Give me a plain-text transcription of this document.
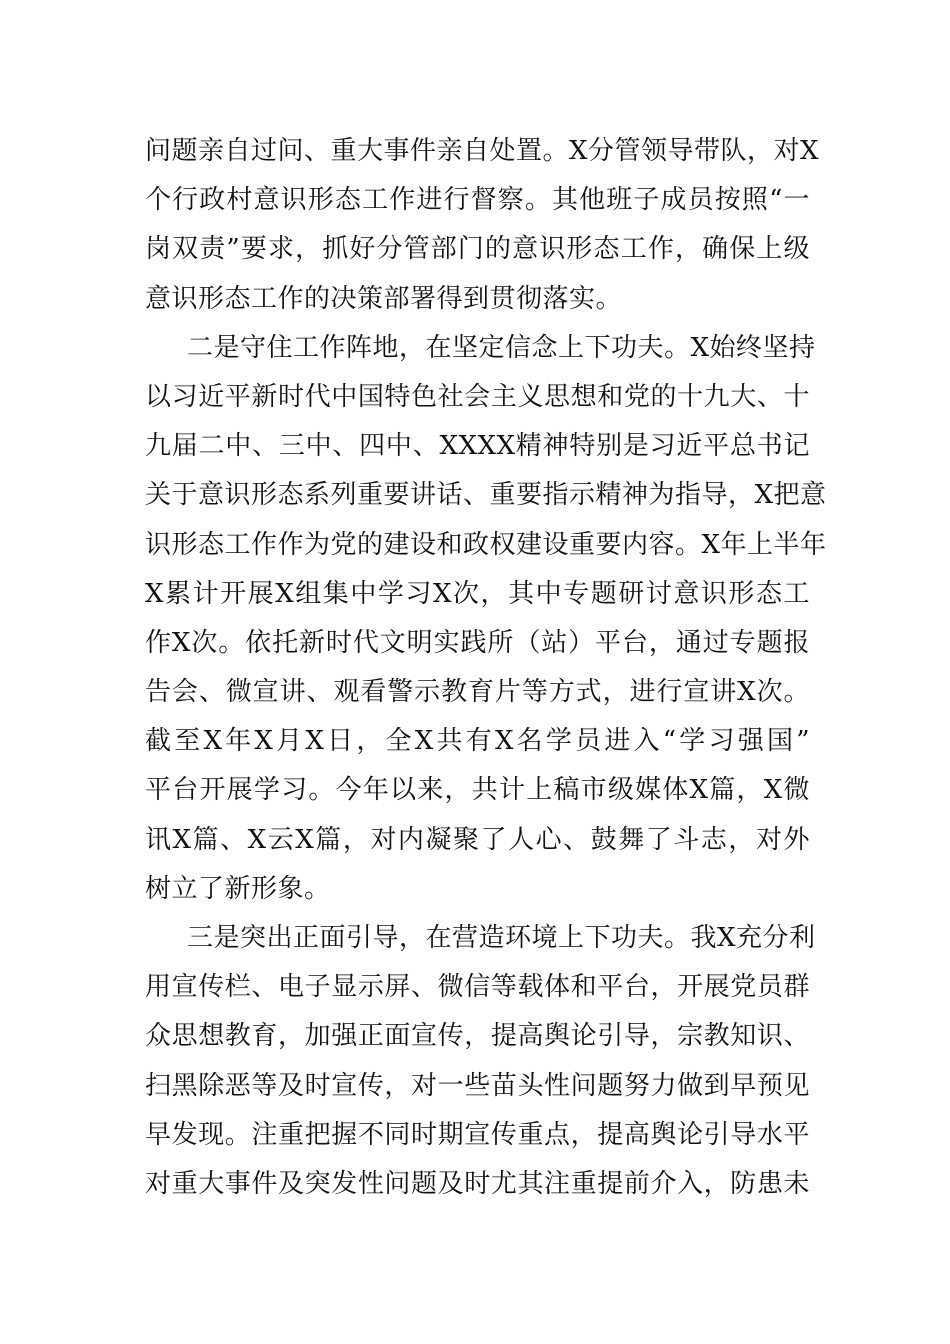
问题亲自过问、重大事件亲自处置。X分管领导带队，对X
个行政村意识形态工作进行督察。其他班子成员按照“一
岗双责”要求，抓好分管部门的意识形态工作，确保上级
意识形态工作的决策部署得到贯彻落实。
二是守住工作阵地，在坚定信念上下功夫。X始终坚持
以习近平新时代中国特色社会主义思想和党的十九大、十
九届二中、三中、四中、XXXX精神特别是习近平总书记
关于意识形态系列重要讲话、重要指示精神为指导，X把意
识形态工作作为党的建设和政权建设重要内容。X年上半年
X累计开展X组集中学习X次，其中专题研讨意识形态工
作X次。依托新时代文明实践所（站）平台，通过专题报
告会、微宣讲、观看警示教育片等方式，进行宣讲X次。
截至X年X月X日，全X共有X名学员进入“学习强国”
平台开展学习。今年以来，共计上稿市级媒体X篇，X微
讯X篇、X云X篇，对内凝聚了人心、鼓舞了斗志，对外
树立了新形象。
三是突出正面引导，在营造环境上下功夫。我X充分利
用宣传栏、电子显示屏、微信等载体和平台，开展党员群
众思想教育，加强正面宣传，提高舆论引导，宗教知识、
扫黑除恶等及时宣传，对一些苗头性问题努力做到早预见
早发现。注重把握不同时期宣传重点，提高舆论引导水平
对重大事件及突发性问题及时尤其注重提前介入，防患未
